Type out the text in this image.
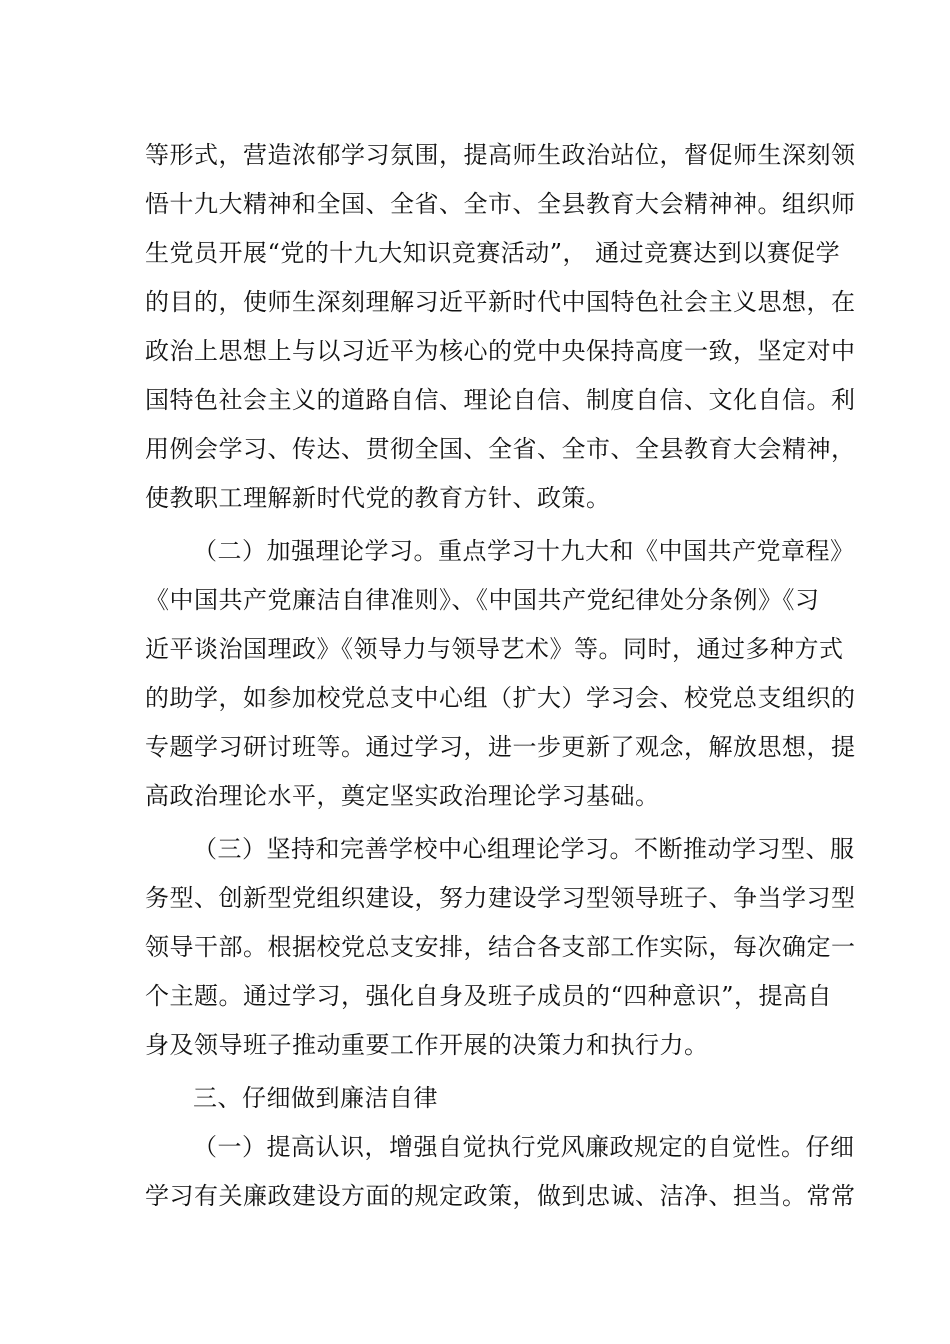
等形式，营造浓郁学习氛围，提高师生政治站位，督促师生深刻领
悟十九大精神和全国、全省、全市、全县教育大会精神神。组织师
生党员开展“党的十九大知识竞赛活动”， 通过竞赛达到以赛促学
的目的，使师生深刻理解习近平新时代中国特色社会主义思想，在
政治上思想上与以习近平为核心的党中央保持高度一致，坚定对中
国特色社会主义的道路自信、理论自信、制度自信、文化自信。利
用例会学习、传达、贯彻全国、全省、全市、全县教育大会精神，
使教职工理解新时代党的教育方针、政策。
（二）加强理论学习。重点学习十九大和《中国共产党章程》
《中国共产党廉洁自律准则》、《中国共产党纪律处分条例》《习
近平谈治国理政》《领导力与领导艺术》等。同时，通过多种方式
的助学，如参加校党总支中心组（扩大）学习会、校党总支组织的
专题学习研讨班等。通过学习，进一步更新了观念，解放思想，提
高政治理论水平，奠定坚实政治理论学习基础。
（三）坚持和完善学校中心组理论学习。不断推动学习型、服
务型、创新型党组织建设，努力建设学习型领导班子、争当学习型
领导干部。根据校党总支安排，结合各支部工作实际，每次确定一
个主题。通过学习，强化自身及班子成员的“四种意识”，提高自
身及领导班子推动重要工作开展的决策力和执行力。
三、仔细做到廉洁自律
（一）提高认识，增强自觉执行党风廉政规定的自觉性。仔细
学习有关廉政建设方面的规定政策，做到忠诚、洁净、担当。常常
